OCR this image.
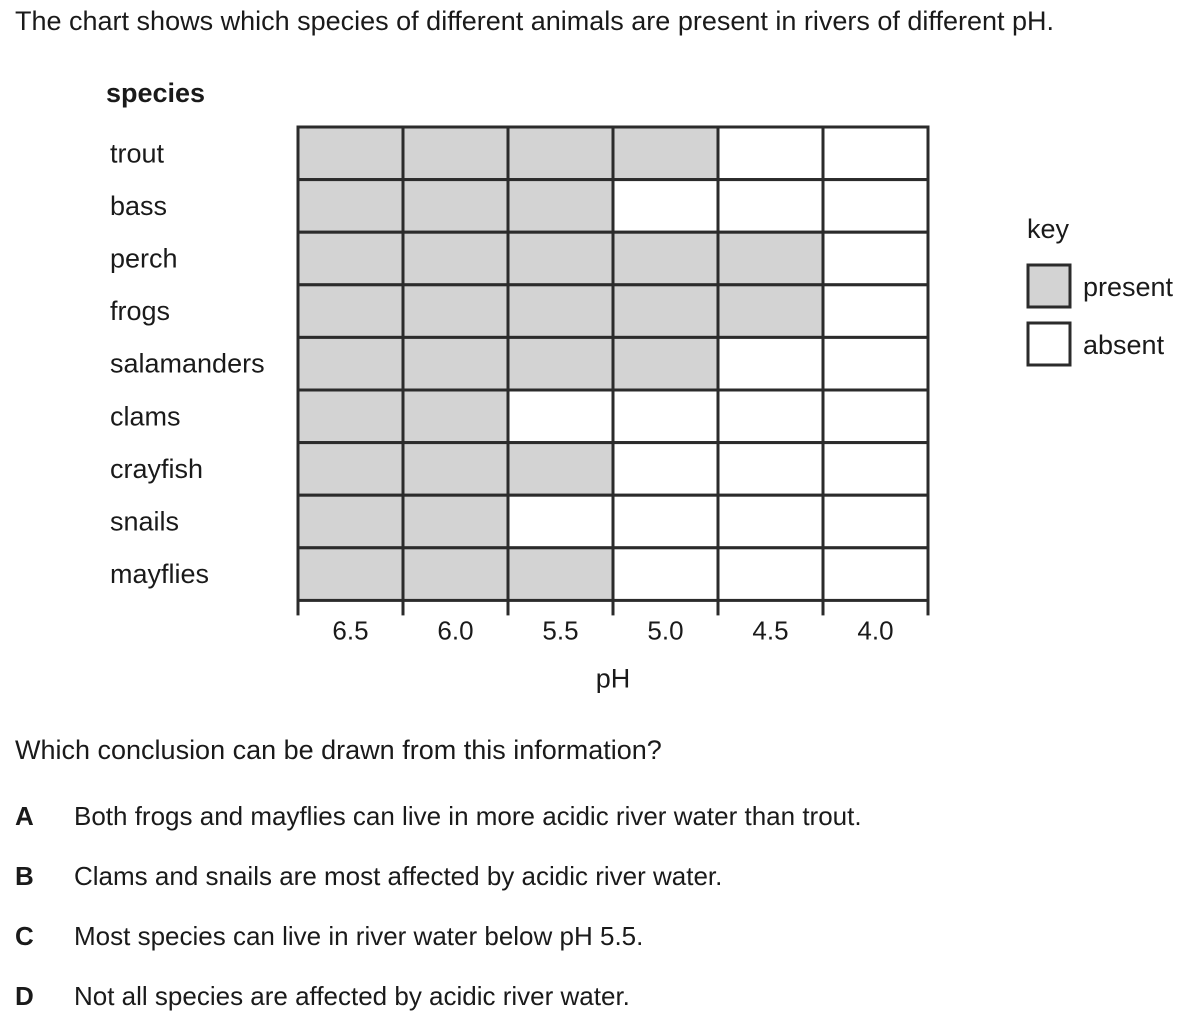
The chart shows which species of different animals are present in rivers of different pH.
species
trout
bass
perch
frogs
salamanders
clams
crayfish
snails
mayflies
6.5	6.0	5.5	5.0	4.5	4.0
pH
key
present
absent
Which conclusion can be drawn from this information?
A Both frogs and mayflies can live in more acidic river water than trout.
B Clams and snails are most affected by acidic river water.
C Most species can live in river water below pH 5.5.
D Not all species are affected by acidic river water.
